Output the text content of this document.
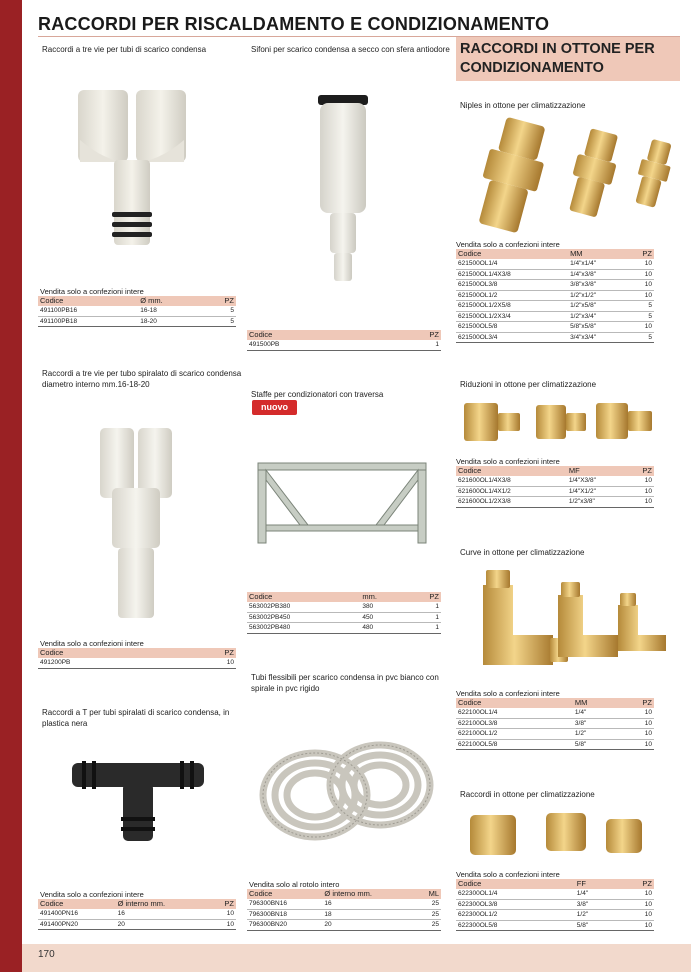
170
RACCORDI PER RISCALDAMENTO E CONDIZIONAMENTO
RACCORDI IN OTTONE PER
CONDIZIONAMENTO
Raccordi a tre vie per tubi di scarico condensa
Vendita solo a confezioni intere
Codice	Ø mm.	PZ
491100PB16	16-18	5
491100PB18	18-20	5
Sifoni per scarico condensa a secco con sfera antiodore
Codice	PZ
491500PB	1
Niples in ottone per climatizzazione
Vendita solo a confezioni intere
Codice	MM	PZ
621500OL1/4	1/4"x1/4"	10
621500OL1/4X3/8	1/4"x3/8"	10
621500OL3/8	3/8"x3/8"	10
621500OL1/2	1/2"x1/2"	10
621500OL1/2X5/8	1/2"x5/8"	5
621500OL1/2X3/4	1/2"x3/4"	5
621500OL5/8	5/8"x5/8"	10
621500OL3/4	3/4"x3/4"	5
Raccordi a tre vie per tubo spiralato di scarico condensa
diametro interno mm.16-18-20
Vendita solo a confezioni intere
Codice	PZ
491200PB	10
Staffe per condizionatori con traversa
nuovo
Codice	mm.	PZ
563002PB380	380	1
563002PB450	450	1
563002PB480	480	1
Riduzioni in ottone per climatizzazione
Vendita solo a confezioni intere
Codice	MF	PZ
621600OL1/4X3/8	1/4"X3/8"	10
621600OL1/4X1/2	1/4"X1/2"	10
621600OL1/2X3/8	1/2"x3/8"	10
Curve in ottone per climatizzazione
Vendita solo a confezioni intere
Codice	MM	PZ
622100OL1/4	1/4"	10
622100OL3/8	3/8"	10
622100OL1/2	1/2"	10
622100OL5/8	5/8"	10
Tubi flessibili per scarico condensa in pvc bianco con
spirale in pvc rigido
Vendita solo al rotolo intero
Codice	Ø interno mm.	ML
796300BN16	16	25
796300BN18	18	25
796300BN20	20	25
Raccordi a T per tubi spiralati di scarico condensa, in
plastica nera
Vendita solo a confezioni intere
Codice	Ø interno mm.	PZ
491400PN16	16	10
491400PN20	20	10
Raccordi in ottone per climatizzazione
Vendita solo a confezioni intere
Codice	FF	PZ
622300OL1/4	1/4"	10
622300OL3/8	3/8"	10
622300OL1/2	1/2"	10
622300OL5/8	5/8"	10
